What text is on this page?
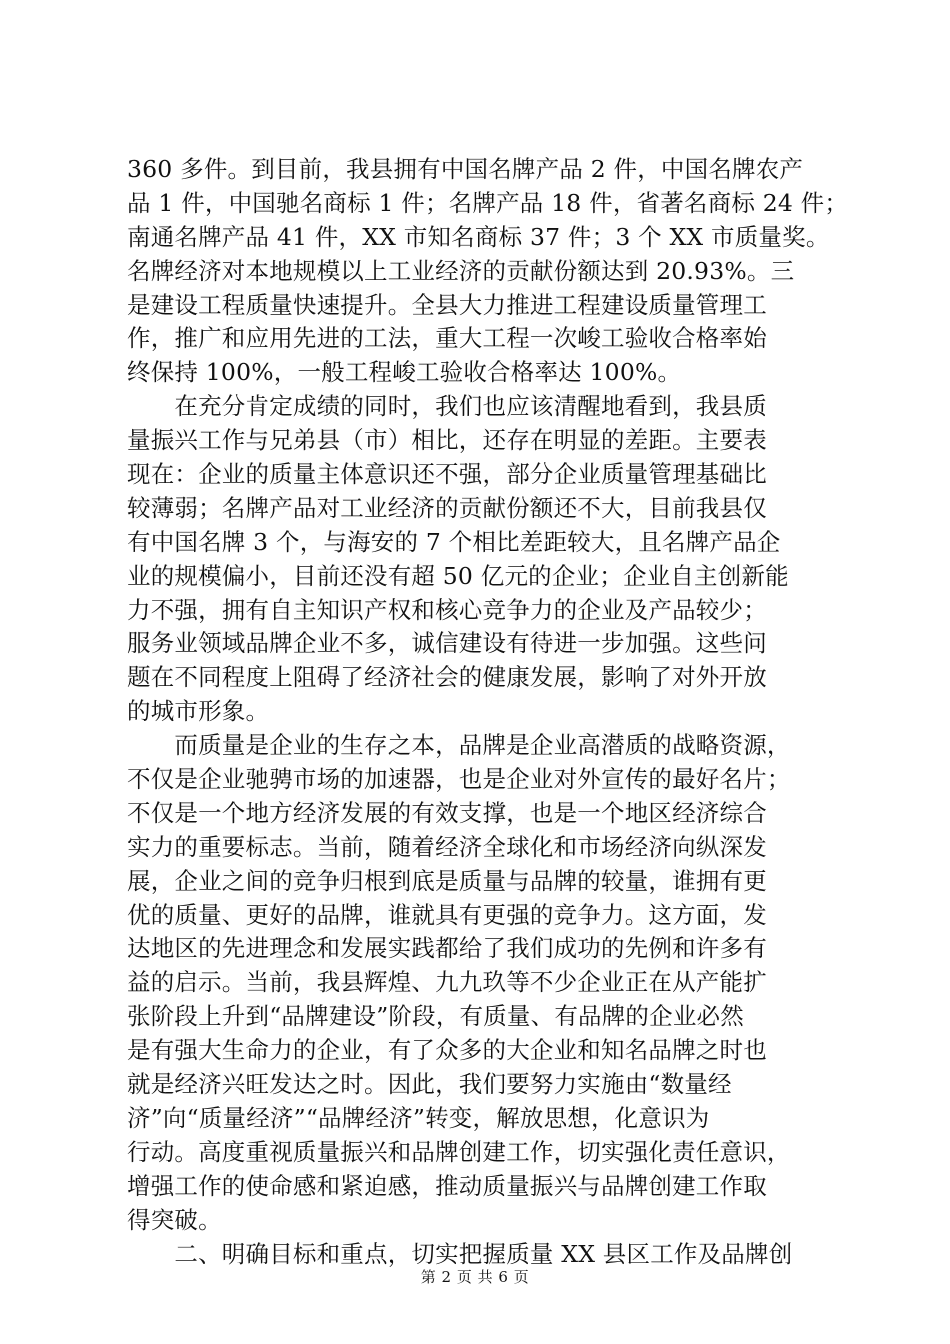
360 多件。到目前，我县拥有中国名牌产品 2 件，中国名牌农产
品 1 件，中国驰名商标 1 件；名牌产品 18 件，省著名商标 24 件；
南通名牌产品 41 件，XX 市知名商标 37 件；3 个 XX 市质量奖。
名牌经济对本地规模以上工业经济的贡献份额达到 20.93%。三
是建设工程质量快速提升。全县大力推进工程建设质量管理工
作，推广和应用先进的工法，重大工程一次峻工验收合格率始
终保持 100%，一般工程峻工验收合格率达 100%。
　　在充分肯定成绩的同时，我们也应该清醒地看到，我县质
量振兴工作与兄弟县（市）相比，还存在明显的差距。主要表
现在：企业的质量主体意识还不强，部分企业质量管理基础比
较薄弱；名牌产品对工业经济的贡献份额还不大，目前我县仅
有中国名牌 3 个，与海安的 7 个相比差距较大，且名牌产品企
业的规模偏小，目前还没有超 50 亿元的企业；企业自主创新能
力不强，拥有自主知识产权和核心竞争力的企业及产品较少；
服务业领域品牌企业不多，诚信建设有待进一步加强。这些问
题在不同程度上阻碍了经济社会的健康发展，影响了对外开放
的城市形象。
　　而质量是企业的生存之本，品牌是企业高潜质的战略资源，
不仅是企业驰骋市场的加速器，也是企业对外宣传的最好名片；
不仅是一个地方经济发展的有效支撑，也是一个地区经济综合
实力的重要标志。当前，随着经济全球化和市场经济向纵深发
展，企业之间的竞争归根到底是质量与品牌的较量，谁拥有更
优的质量、更好的品牌，谁就具有更强的竞争力。这方面，发
达地区的先进理念和发展实践都给了我们成功的先例和许多有
益的启示。当前，我县辉煌、九九玖等不少企业正在从产能扩
张阶段上升到“品牌建设”阶段，有质量、有品牌的企业必然
是有强大生命力的企业，有了众多的大企业和知名品牌之时也
就是经济兴旺发达之时。因此，我们要努力实施由“数量经
济”向“质量经济”“品牌经济”转变，解放思想，化意识为
行动。高度重视质量振兴和品牌创建工作，切实强化责任意识，
增强工作的使命感和紧迫感，推动质量振兴与品牌创建工作取
得突破。
　　二、明确目标和重点，切实把握质量 XX 县区工作及品牌创
第 2 页 共 6 页
